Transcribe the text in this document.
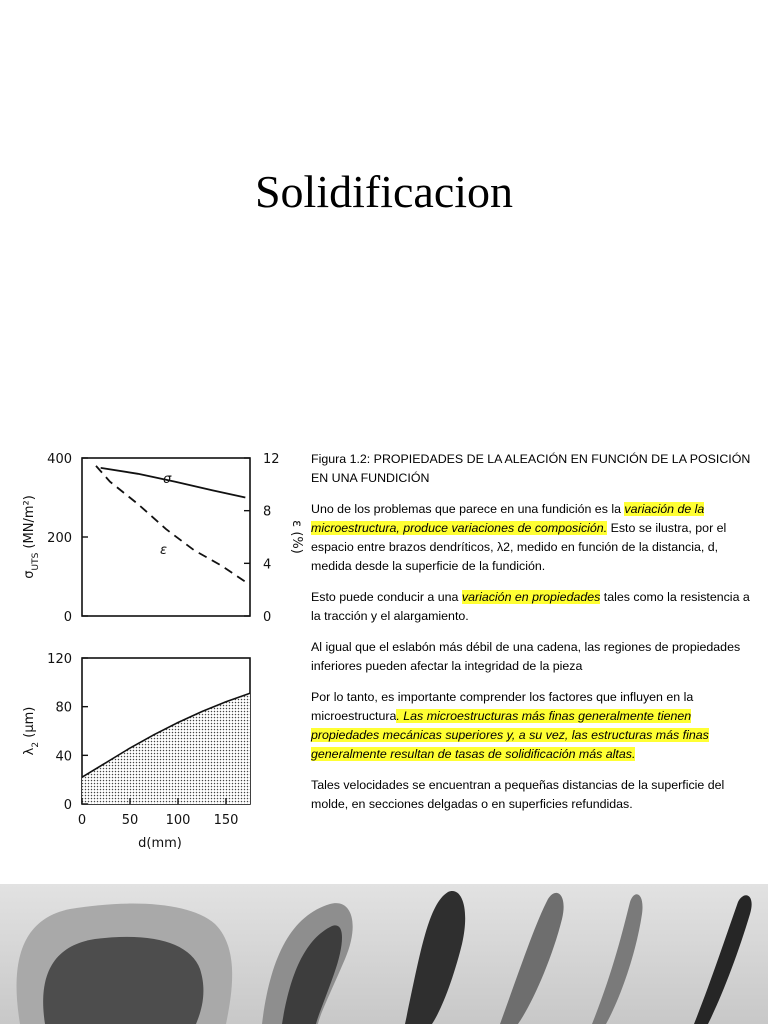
Solidificacion
0
200
400
0
4
8
12
$\sigma_{UTS}$ (MN/m²)	ε (%)
σ
ε
0
40
80
120
0	50 100 150
$\lambda_2$ (μm)
d(mm)

Figura 1.2: PROPIEDADES DE LA ALEACIÓN EN FUNCIÓN DE LA POSICIÓN EN UNA FUNDICIÓN

Uno de los problemas que parece en una fundición es la variación de la microestructura, produce variaciones de composición. Esto se ilustra, por el espacio entre brazos dendríticos, λ2, medido en función de la distancia, d, medida desde la superficie de la fundición.

Esto puede conducir a una variación en propiedades tales como la resistencia a la tracción y el alargamiento.

Al igual que el eslabón más débil de una cadena, las regiones de propiedades inferiores pueden afectar la integridad de la pieza

Por lo tanto, es importante comprender los factores que influyen en la microestructura. Las microestructuras más finas generalmente tienen propiedades mecánicas superiores y, a su vez, las estructuras más finas generalmente resultan de tasas de solidificación más altas.

Tales velocidades se encuentran a pequeñas distancias de la superficie del molde, en secciones delgadas o en superficies refundidas.
